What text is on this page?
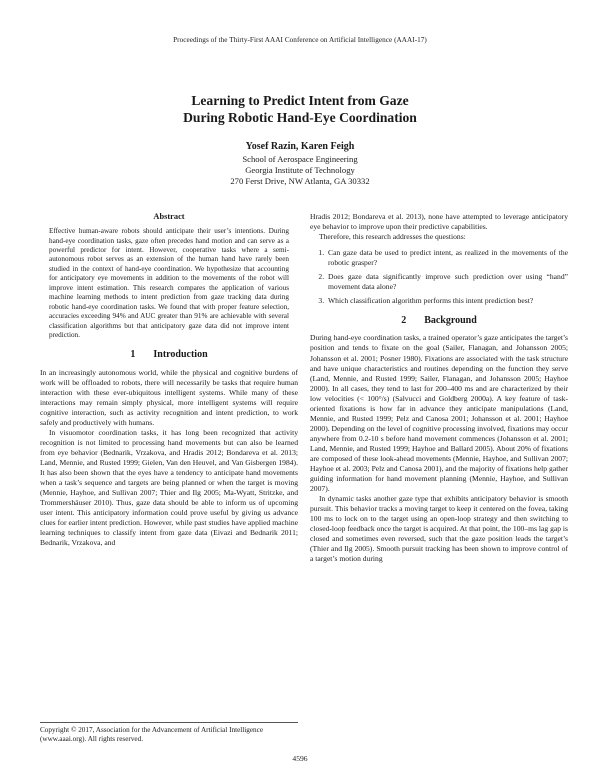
Proceedings of the Thirty-First AAAI Conference on Artificial Intelligence (AAAI-17)
Learning to Predict Intent from Gaze
During Robotic Hand-Eye Coordination
Yosef Razin, Karen Feigh
School of Aerospace Engineering
Georgia Institute of Technology
270 Ferst Drive, NW Atlanta, GA 30332

Abstract

Effective human-aware robots should anticipate their user’s intentions. During hand-eye coordination tasks, gaze often precedes hand motion and can serve as a powerful predictor for intent. However, cooperative tasks where a semi-autonomous robot serves as an extension of the human hand have rarely been studied in the context of hand-eye coordination. We hypothesize that accounting for anticipatory eye movements in addition to the movements of the robot will improve intent estimation. This research compares the application of various machine learning methods to intent prediction from gaze tracking data during robotic hand-eye coordination tasks. We found that with proper feature selection, accuracies exceeding 94% and AUC greater than 91% are achievable with several classification algorithms but that anticipatory gaze data did not improve intent prediction.

1 Introduction

In an increasingly autonomous world, while the physical and cognitive burdens of work will be offloaded to robots, there will necessarily be tasks that require human interaction with these ever-ubiquitous intelligent systems. While many of these interactions may remain simply physical, more intelligent systems will require cognitive interaction, such as activity recognition and intent prediction, to work safely and productively with humans.

In visuomotor coordination tasks, it has long been recognized that activity recognition is not limited to processing hand movements but can also be learned from eye behavior (Bednarik, Vrzakova, and Hradis 2012; Bondareva et al. 2013; Land, Mennie, and Rusted 1999; Gielen, Van den Heuvel, and Van Gisbergen 1984). It has also been shown that the eyes have a tendency to anticipate hand movements when a task’s sequence and targets are being planned or when the target is moving (Mennie, Hayhoe, and Sullivan 2007; Thier and Ilg 2005; Ma-Wyatt, Stritzke, and Trommershäuser 2010). Thus, gaze data should be able to inform us of upcoming user intent. This anticipatory information could prove useful by giving us advance clues for earlier intent prediction. However, while past studies have applied machine learning techniques to classify intent from gaze data (Eivazi and Bednarik 2011; Bednarik, Vrzakova, and

Hradis 2012; Bondareva et al. 2013), none have attempted to leverage anticipatory eye behavior to improve upon their predictive capabilities.

Therefore, this research addresses the questions:

1. Can gaze data be used to predict intent, as realized in the movements of the robotic grasper?
2. Does gaze data significantly improve such prediction over using “hand” movement data alone?
3. Which classification algorithm performs this intent prediction best?

2 Background

During hand-eye coordination tasks, a trained operator’s gaze anticipates the target’s position and tends to fixate on the goal (Sailer, Flanagan, and Johansson 2005; Johansson et al. 2001; Posner 1980). Fixations are associated with the task structure and have unique characteristics and routines depending on the function they serve (Land, Mennie, and Rusted 1999; Sailer, Flanagan, and Johansson 2005; Hayhoe 2000). In all cases, they tend to last for 200–400 ms and are characterized by their low velocities (< 100°/s) (Salvucci and Goldberg 2000a). A key feature of task-oriented fixations is how far in advance they anticipate manipulations (Land, Mennie, and Rusted 1999; Pelz and Canosa 2001; Johansson et al. 2001; Hayhoe 2000). Depending on the level of cognitive processing involved, fixations may occur anywhere from 0.2-10 s before hand movement commences (Johansson et al. 2001; Land, Mennie, and Rusted 1999; Hayhoe and Ballard 2005). About 20% of fixations are composed of these look-ahead movements (Mennie, Hayhoe, and Sullivan 2007; Hayhoe et al. 2003; Pelz and Canosa 2001), and the majority of fixations help gather guiding information for hand movement planning (Mennie, Hayhoe, and Sullivan 2007).

In dynamic tasks another gaze type that exhibits anticipatory behavior is smooth pursuit. This behavior tracks a moving target to keep it centered on the fovea, taking 100 ms to lock on to the target using an open-loop strategy and then switching to closed-loop feedback once the target is acquired. At that point, the 100–ms lag gap is closed and sometimes even reversed, such that the gaze position leads the target’s (Thier and Ilg 2005). Smooth pursuit tracking has been shown to improve control of a target’s motion during

Copyright © 2017, Association for the Advancement of Artificial Intelligence (www.aaai.org). All rights reserved.
4596
